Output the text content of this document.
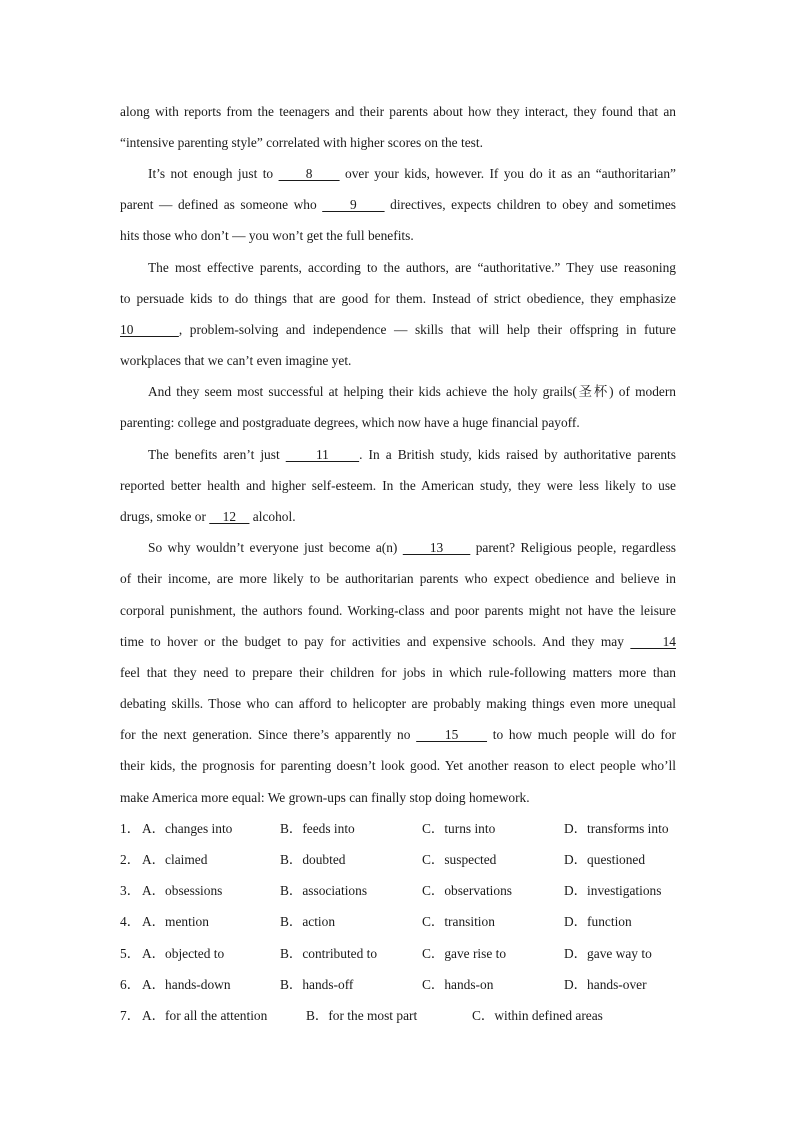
along with reports from the teenagers and their parents about how they interact, they found that an
“intensive parenting style” correlated with higher scores on the test.
It’s not enough just to      8      over your kids, however. If you do it as an “authoritarian”
parent — defined as someone who      9      directives, expects children to obey and sometimes
hits those who don’t — you won’t get the full benefits.
The most effective parents, according to the authors, are “authoritative.” They use reasoning
to persuade kids to do things that are good for them. Instead of strict obedience, they emphasize
10      , problem-solving and independence — skills that will help their offspring in future
workplaces that we can’t even imagine yet.
And they seem most successful at helping their kids achieve the holy grails(圣杯) of modern
parenting: college and postgraduate degrees, which now have a huge financial payoff.
The benefits aren’t just      11     . In a British study, kids raised by authoritative parents
reported better health and higher self-esteem. In the American study, they were less likely to use
drugs, smoke or     12     alcohol.
So why wouldn’t everyone just become a(n)      13      parent? Religious people, regardless
of their income, are more likely to be authoritarian parents who expect obedience and believe in
corporal punishment, the authors found. Working-class and poor parents might not have the leisure
time to hover or the budget to pay for activities and expensive schools. And they may      14
feel that they need to prepare their children for jobs in which rule-following matters more than
debating skills. Those who can afford to helicopter are probably making things even more unequal
for the next generation. Since there’s apparently no      15      to how much people will do for
their kids, the prognosis for parenting doesn’t look good. Yet another reason to elect people who’ll
make America more equal: We grown-ups can finally stop doing homework.
1． A．changes into	B．feeds into	C．turns into	D．transforms into
2． A．claimed	B．doubted	C．suspected	D．questioned
3． A．obsessions	B．associations	C．observations	D．investigations
4． A．mention	B．action	C．transition	D．function
5． A．objected to	B．contributed to	C．gave rise to	D．gave way to
6． A．hands-down	B．hands-off	C．hands-on	D．hands-over
7． A．for all the attention	B．for the most part	C．within defined areas
